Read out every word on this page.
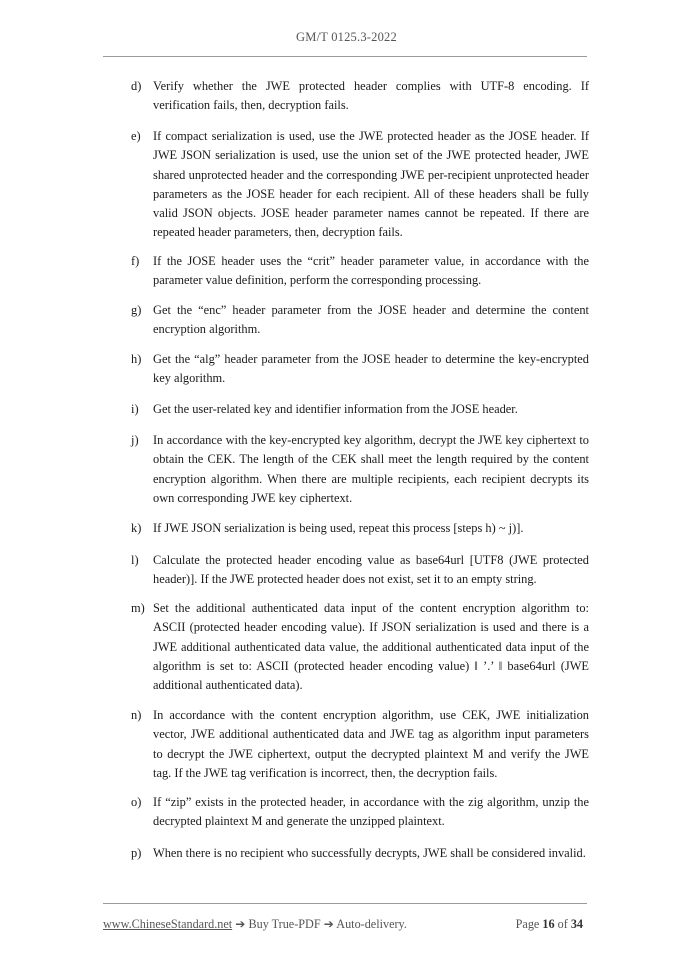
GM/T 0125.3-2022
d) Verify whether the JWE protected header complies with UTF-8 encoding. If verification fails, then, decryption fails.
e) If compact serialization is used, use the JWE protected header as the JOSE header. If JWE JSON serialization is used, use the union set of the JWE protected header, JWE shared unprotected header and the corresponding JWE per-recipient unprotected header parameters as the JOSE header for each recipient. All of these headers shall be fully valid JSON objects. JOSE header parameter names cannot be repeated. If there are repeated header parameters, then, decryption fails.
f)	If the JOSE header uses the “crit” header parameter value, in accordance with the parameter value definition, perform the corresponding processing.
g) Get the “enc” header parameter from the JOSE header and determine the content encryption algorithm.
h) Get the “alg” header parameter from the JOSE header to determine the key-encrypted key algorithm.
i)	Get the user-related key and identifier information from the JOSE header.
j)	In accordance with the key-encrypted key algorithm, decrypt the JWE key ciphertext to obtain the CEK. The length of the CEK shall meet the length required by the content encryption algorithm. When there are multiple recipients, each recipient decrypts its own corresponding JWE key ciphertext.
k) If JWE JSON serialization is being used, repeat this process [steps h) ~ j)].
l)	Calculate the protected header encoding value as base64url [UTF8 (JWE protected header)]. If the JWE protected header does not exist, set it to an empty string.
m) Set the additional authenticated data input of the content encryption algorithm to: ASCII (protected header encoding value). If JSON serialization is used and there is a JWE additional authenticated data value, the additional authenticated data input of the algorithm is set to: ASCII (protected header encoding value) ‖ ’.’ ‖ base64url (JWE additional authenticated data).
n) In accordance with the content encryption algorithm, use CEK, JWE initialization vector, JWE additional authenticated data and JWE tag as algorithm input parameters to decrypt the JWE ciphertext, output the decrypted plaintext M and verify the JWE tag. If the JWE tag verification is incorrect, then, the decryption fails.
o) If “zip” exists in the protected header, in accordance with the zig algorithm, unzip the decrypted plaintext M and generate the unzipped plaintext.
p) When there is no recipient who successfully decrypts, JWE shall be considered invalid.
www.ChineseStandard.net ➔ Buy True-PDF ➔ Auto-delivery.	Page 16 of 34
